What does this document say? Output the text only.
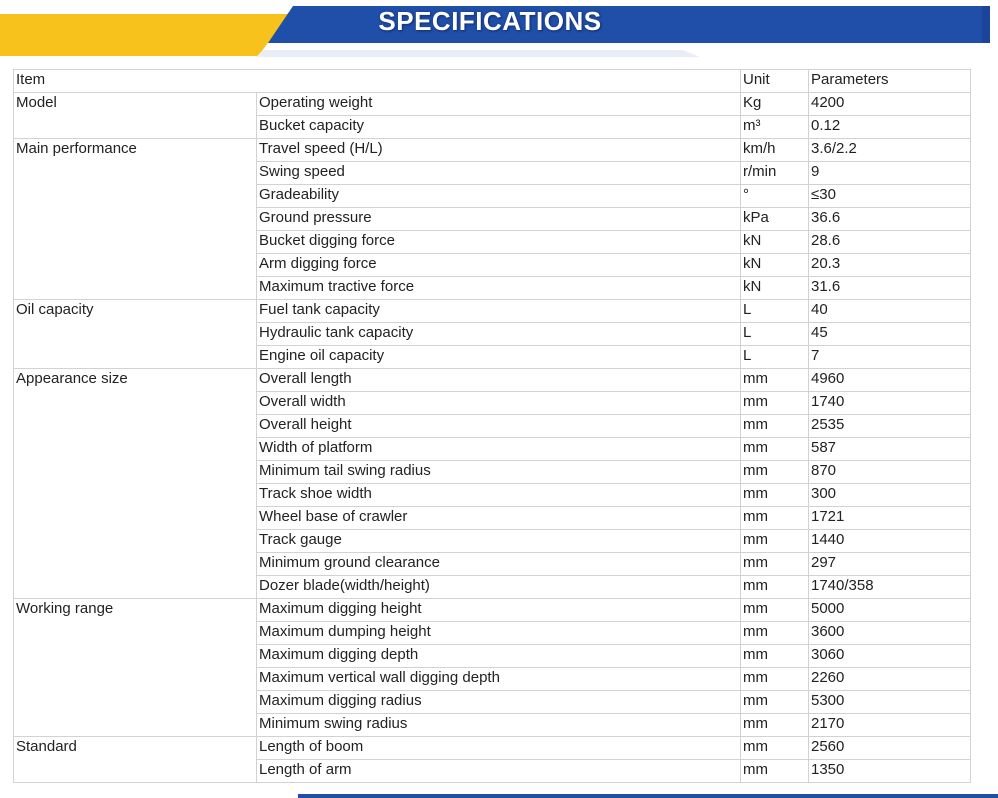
SPECIFICATIONS
Item		Unit	Parameters
Model	Operating weight	Kg	4200
	Bucket capacity	m³	0.12
Main performance	Travel speed (H/L)	km/h	3.6/2.2
	Swing speed	r/min	9
	Gradeability	°	≤30
	Ground pressure	kPa	36.6
	Bucket digging force	kN	28.6
	Arm digging force	kN	20.3
	Maximum tractive force	kN	31.6
Oil capacity	Fuel tank capacity	L	40
	Hydraulic tank capacity	L	45
	Engine oil capacity	L	7
Appearance size	Overall length	mm	4960
	Overall width	mm	1740
	Overall height	mm	2535
	Width of platform	mm	587
	Minimum tail swing radius	mm	870
	Track shoe width	mm	300
	Wheel base of crawler	mm	1721
	Track gauge	mm	1440
	Minimum ground clearance	mm	297
	Dozer blade(width/height)	mm	1740/358
Working range	Maximum digging height	mm	5000
	Maximum dumping height	mm	3600
	Maximum digging depth	mm	3060
	Maximum vertical wall digging depth	mm	2260
	Maximum digging radius	mm	5300
	Minimum swing radius	mm	2170
Standard	Length of boom	mm	2560
	Length of arm	mm	1350
